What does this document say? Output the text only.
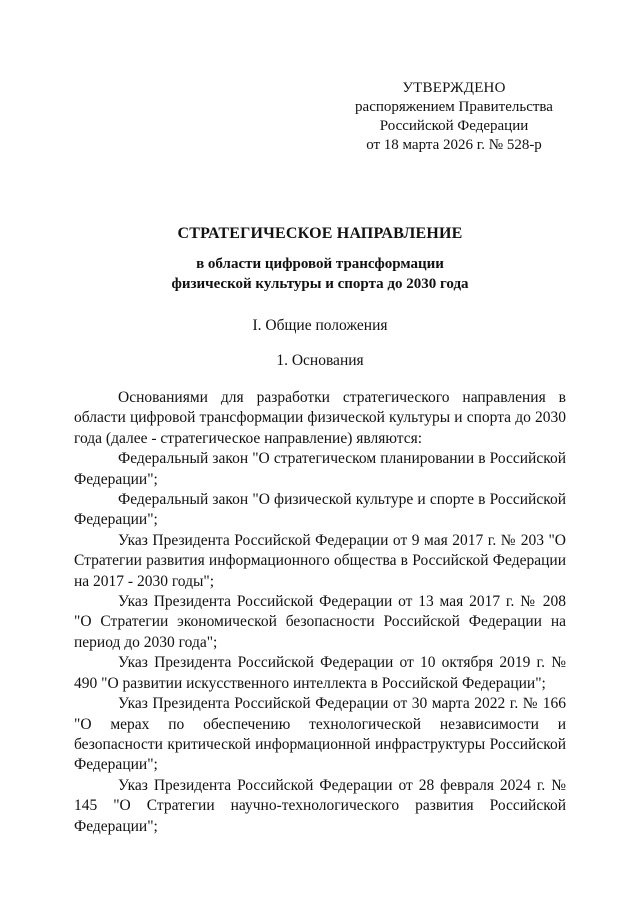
УТВЕРЖДЕНО
распоряжением Правительства
Российской Федерации
от 18 марта 2026 г. № 528-р
СТРАТЕГИЧЕСКОЕ НАПРАВЛЕНИЕ
в области цифровой трансформации
физической культуры и спорта до 2030 года
I. Общие положения
1. Основания

Основаниями для разработки стратегического направления в области цифровой трансформации физической культуры и спорта до 2030 года (далее - стратегическое направление) являются:

Федеральный закон "О стратегическом планировании в Российской Федерации";

Федеральный закон "О физической культуре и спорте в Российской Федерации";

Указ Президента Российской Федерации от 9 мая 2017 г. № 203 "О Стратегии развития информационного общества в Российской Федерации на 2017 - 2030 годы";

Указ Президента Российской Федерации от 13 мая 2017 г. № 208 "О Стратегии экономической безопасности Российской Федерации на период до 2030 года";

Указ Президента Российской Федерации от 10 октября 2019 г. № 490 "О развитии искусственного интеллекта в Российской Федерации";

Указ Президента Российской Федерации от 30 марта 2022 г. № 166 "О мерах по обеспечению технологической независимости и безопасности критической информационной инфраструктуры Российской Федерации";

Указ Президента Российской Федерации от 28 февраля 2024 г. № 145 "О Стратегии научно-технологического развития Российской Федерации";
